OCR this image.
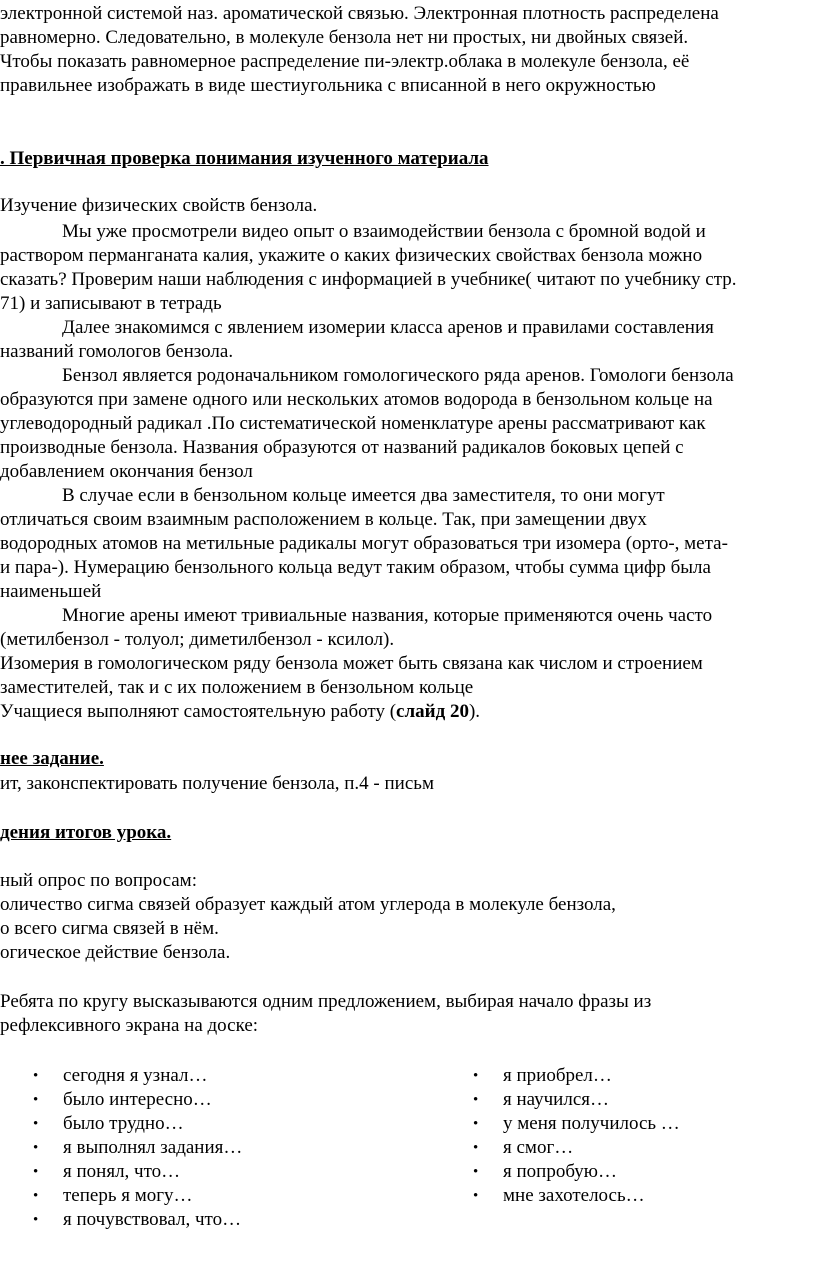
электронной системой наз. ароматической связью. Электронная плотность распределена

равномерно. Следовательно, в молекуле бензола нет ни простых, ни двойных связей.

Чтобы показать равномерное распределение пи-электр.облака в молекуле бензола, её

правильнее изображать в виде шестиугольника с вписанной в него окружностью

. Первичная проверка понимания изученного материала

Изучение физических свойств бензола.

Мы уже просмотрели видео опыт о взаимодействии бензола с бромной водой и

раствором перманганата калия, укажите о каких физических свойствах бензола можно

сказать? Проверим наши наблюдения с информацией в учебнике( читают по учебнику стр.

71) и записывают в тетрадь

Далее знакомимся с явлением изомерии класса аренов и правилами составления

названий гомологов бензола.

Бензол является родоначальником гомологического ряда аренов. Гомологи бензола

образуются при замене одного или нескольких атомов водорода в бензольном кольце на

углеводородный радикал .По систематической номенклатуре арены рассматривают как

производные бензола. Названия образуются от названий радикалов боковых цепей с

добавлением окончания бензол

В случае если в бензольном кольце имеется два заместителя, то они могут

отличаться своим взаимным расположением в кольце. Так, при замещении двух

водородных атомов на метильные радикалы могут образоваться три изомера (орто-, мета-

и пара-). Нумерацию бензольного кольца ведут таким образом, чтобы сумма цифр была

наименьшей

Многие арены имеют тривиальные названия, которые применяются очень часто

(метилбензол - толуол; диметилбензол - ксилол).

Изомерия в гомологическом ряду бензола может быть связана как числом и строением

заместителей, так и с их положением в бензольном кольце

Учащиеся выполняют самостоятельную работу (слайд 20).

нее задание.

ит, законспектировать получение бензола, п.4 - письм

дения итогов урока.

ный опрос по вопросам:

оличество сигма связей образует каждый атом углерода в молекуле бензола,

о всего сигма связей в нём.

огическое действие бензола.

Ребята по кругу высказываются одним предложением, выбирая начало фразы из

рефлексивного экрана на доске:

• сегодня я узнал…
• было интересно…
• было трудно…
• я выполнял задания…
• я понял, что…
• теперь я могу…
• я почувствовал, что…
• я приобрел…
• я научился…
• у меня получилось …
• я смог…
• я попробую…
• мне захотелось…
